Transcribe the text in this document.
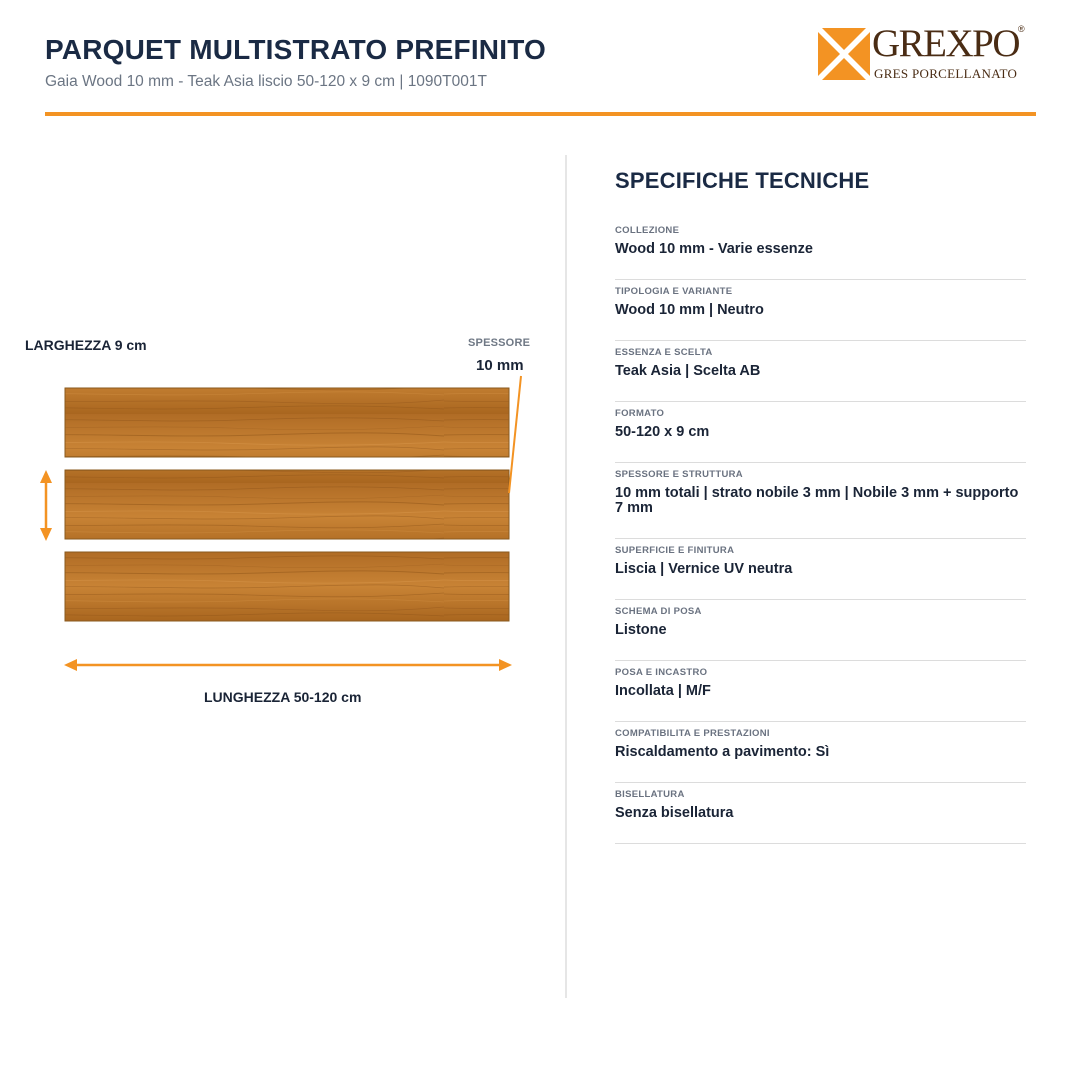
PARQUET MULTISTRATO PREFINITO
Gaia Wood 10 mm - Teak Asia liscio 50-120 x 9 cm | 1090T001T
GREXPO
®
GRES PORCELLANATO
LARGHEZZA 9 cm	SPESSORE
10 mm
LUNGHEZZA 50-120 cm
SPECIFICHE TECNICHE
COLLEZIONE
Wood 10 mm - Varie essenze
TIPOLOGIA E VARIANTE
Wood 10 mm | Neutro
ESSENZA E SCELTA
Teak Asia | Scelta AB
FORMATO
50-120 x 9 cm
SPESSORE E STRUTTURA
10 mm totali | strato nobile 3 mm | Nobile 3 mm + supporto 7 mm
SUPERFICIE E FINITURA
Liscia | Vernice UV neutra
SCHEMA DI POSA
Listone
POSA E INCASTRO
Incollata | M/F
COMPATIBILITA E PRESTAZIONI
Riscaldamento a pavimento: Sì
BISELLATURA
Senza bisellatura
